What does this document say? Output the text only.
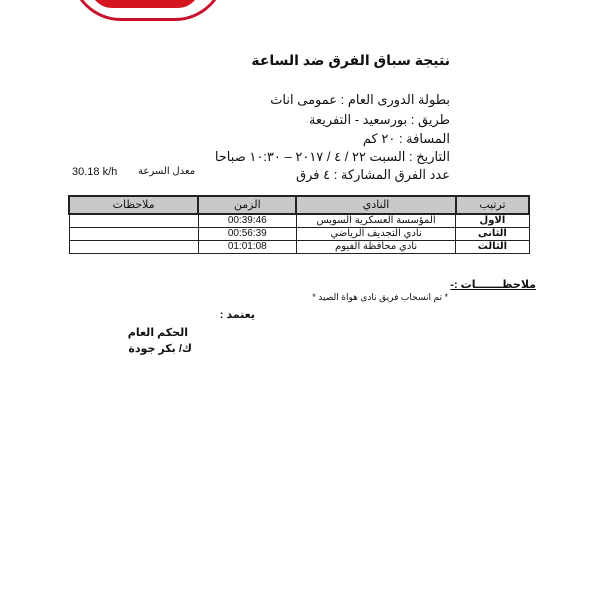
نتيجة سباق الفرق ضد الساعة
بطولة الدورى العام : عمومى اناث
طريق : بورسعيد - التفريعة
المسافة : ٢٠ كم
التاريخ : السبت ٢٢ / ٤ / ٢٠١٧ – ١٠:٣٠ صباحا
عدد الفرق المشاركة : ٤ فرق
معدل السرعة
30.18 k/h
ترتيب	النادي	الزمن	ملاحظات
الاول	المؤسسة العسكرية السويس	00:39:46	
الثانى	نادي التجديف الرياضي	00:56:39	
الثالث	نادي محافظة الفيوم	01:01:08	
ملاحظـــــــات :-
* تم انسحاب فريق نادى هواة الصيد *
يعتمد :
الحكم العام
ك/ بكر جودة
